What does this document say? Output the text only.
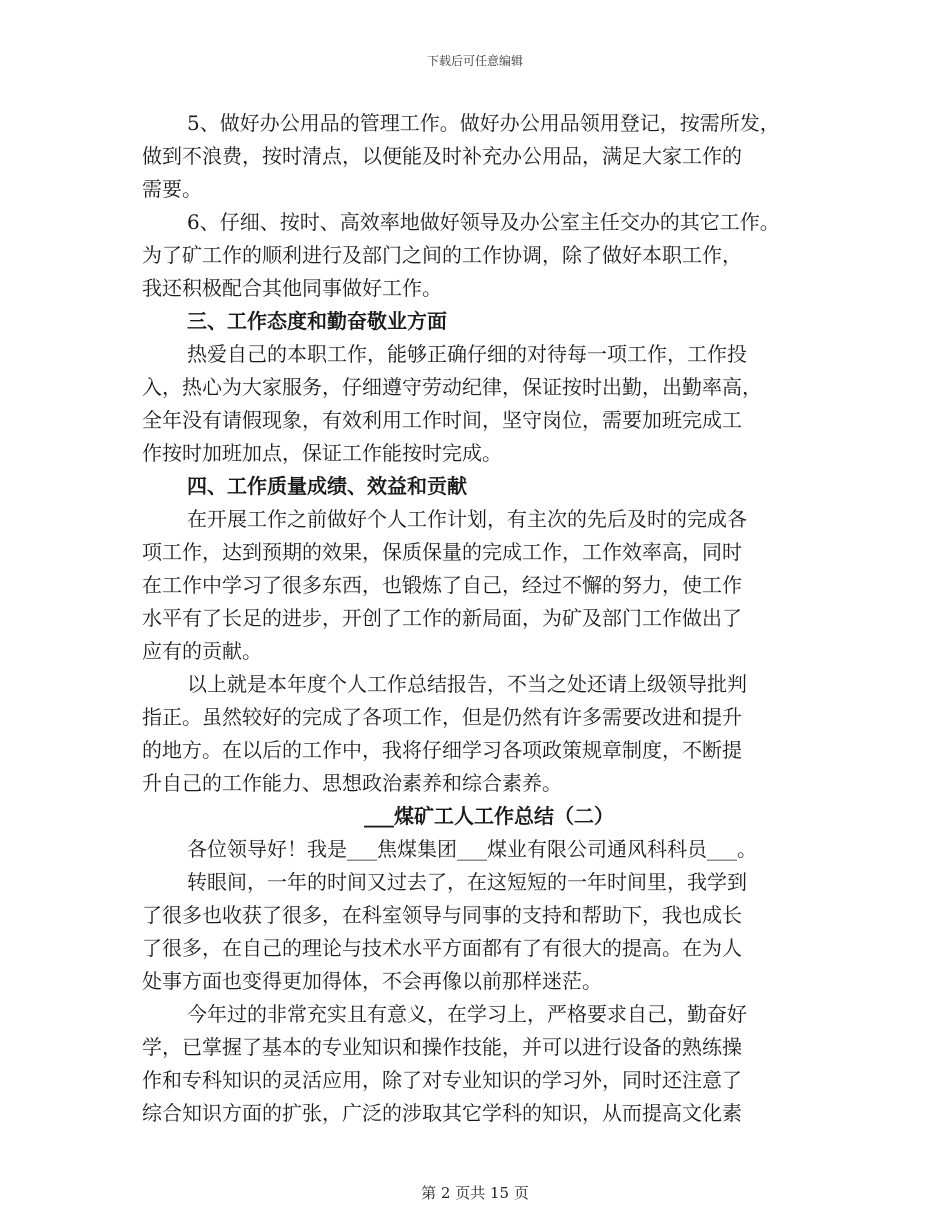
下载后可任意编辑
5、做好办公用品的管理工作。做好办公用品领用登记，按需所发，
做到不浪费，按时清点，以便能及时补充办公用品，满足大家工作的
需要。
6、仔细、按时、高效率地做好领导及办公室主任交办的其它工作。
为了矿工作的顺利进行及部门之间的工作协调，除了做好本职工作，
我还积极配合其他同事做好工作。
三、工作态度和勤奋敬业方面
热爱自己的本职工作，能够正确仔细的对待每一项工作，工作投
入，热心为大家服务，仔细遵守劳动纪律，保证按时出勤，出勤率高，
全年没有请假现象，有效利用工作时间，坚守岗位，需要加班完成工
作按时加班加点，保证工作能按时完成。
四、工作质量成绩、效益和贡献
在开展工作之前做好个人工作计划，有主次的先后及时的完成各
项工作，达到预期的效果，保质保量的完成工作，工作效率高，同时
在工作中学习了很多东西，也锻炼了自己，经过不懈的努力，使工作
水平有了长足的进步，开创了工作的新局面，为矿及部门工作做出了
应有的贡献。
以上就是本年度个人工作总结报告，不当之处还请上级领导批判
指正。虽然较好的完成了各项工作，但是仍然有许多需要改进和提升
的地方。在以后的工作中，我将仔细学习各项政策规章制度，不断提
升自己的工作能力、思想政治素养和综合素养。
___煤矿工人工作总结（二）
各位领导好！我是___焦煤集团___煤业有限公司通风科科员___。
转眼间，一年的时间又过去了，在这短短的一年时间里，我学到
了很多也收获了很多，在科室领导与同事的支持和帮助下，我也成长
了很多，在自己的理论与技术水平方面都有了有很大的提高。在为人
处事方面也变得更加得体，不会再像以前那样迷茫。
今年过的非常充实且有意义，在学习上，严格要求自己，勤奋好
学，已掌握了基本的专业知识和操作技能，并可以进行设备的熟练操
作和专科知识的灵活应用，除了对专业知识的学习外，同时还注意了
综合知识方面的扩张，广泛的涉取其它学科的知识，从而提高文化素
第 2 页共 15 页
